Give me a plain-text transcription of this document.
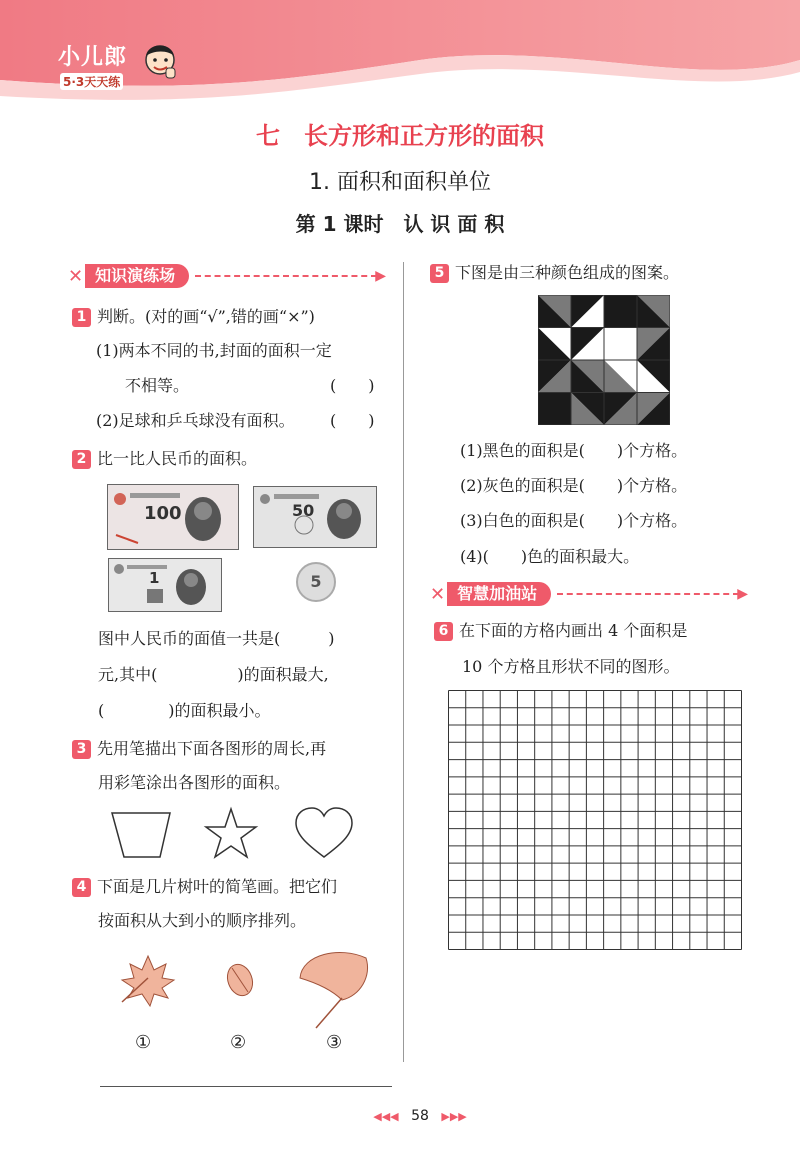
小儿郎
5·3天天练
七　长方形和正方形的面积
1. 面积和面积单位
第 1 课时　认 识 面 积
✕ 知识演练场	▶
1 判断。(对的画“√”,错的画“×”)
(1)两本不同的书,封面的面积一定
不相等。	(　　)
(2)足球和乒乓球没有面积。 (　　)
2 比一比人民币的面积。
100	50
1	5
图中人民币的面值一共是(　　　)
元,其中(　　　　　)的面积最大,
(　　　　)的面积最小。
3 先用笔描出下面各图形的周长,再
用彩笔涂出各图形的面积。
4 下面是几片树叶的简笔画。把它们
按面积从大到小的顺序排列。
①	②	③
5 下图是由三种颜色组成的图案。
(1)黑色的面积是(　　)个方格。
(2)灰色的面积是(　　)个方格。
(3)白色的面积是(　　)个方格。
(4)(　　)色的面积最大。
✕ 智慧加油站	▶
6 在下面的方格内画出 4 个面积是
10 个方格且形状不同的图形。
◀◀◀ 58 ▶▶▶
